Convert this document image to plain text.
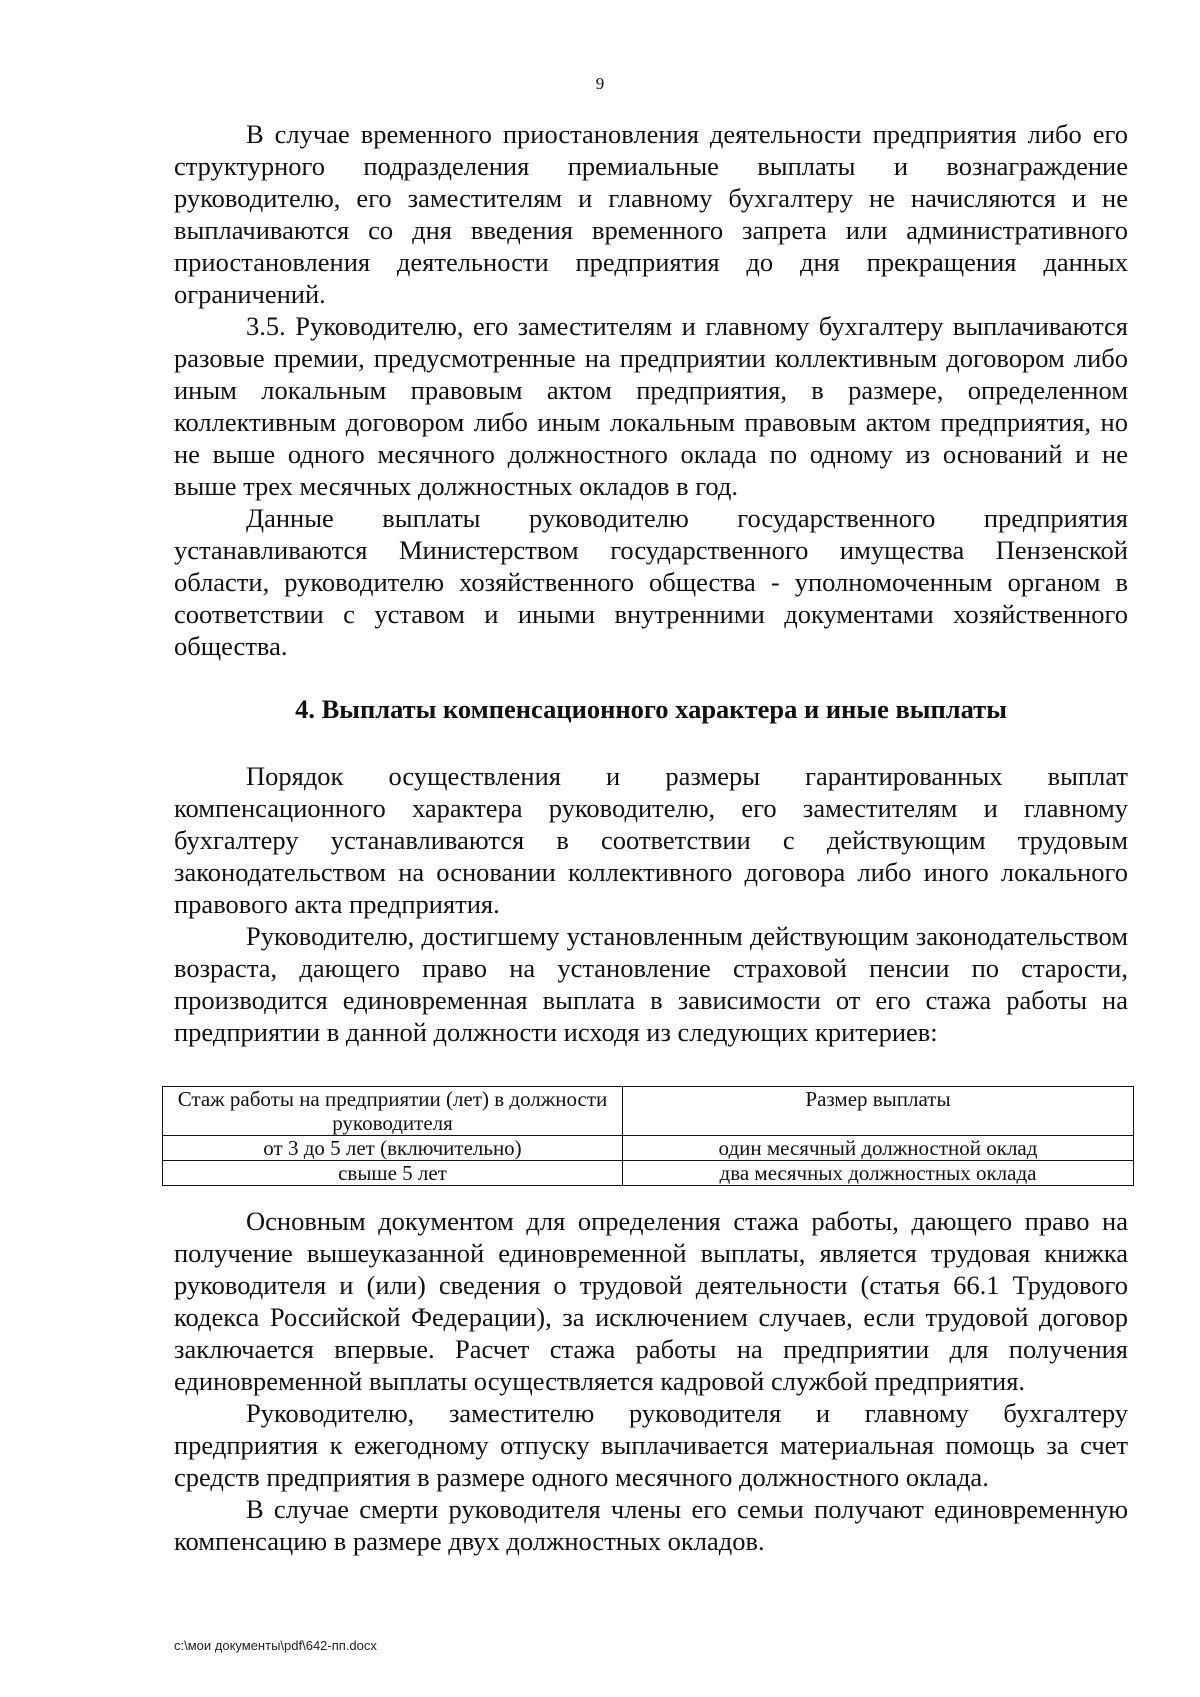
9

В случае временного приостановления деятельности предприятия либо его структурного подразделения премиальные выплаты и вознаграждение руководителю, его заместителям и главному бухгалтеру не начисляются и не выплачиваются со дня введения временного запрета или административного приостановления деятельности предприятия до дня прекращения данных ограничений.

3.5. Руководителю, его заместителям и главному бухгалтеру выплачиваются разовые премии, предусмотренные на предприятии коллективным договором либо иным локальным правовым актом предприятия, в размере, определенном коллективным договором либо иным локальным правовым актом предприятия, но не выше одного месячного должностного оклада по одному из оснований и не выше трех месячных должностных окладов в год.

Данные выплаты руководителю государственного предприятия устанавливаются Министерством государственного имущества Пензенской области, руководителю хозяйственного общества - уполномоченным органом в соответствии с уставом и иными внутренними документами хозяйственного общества.

4. Выплаты компенсационного характера и иные выплаты

Порядок осуществления и размеры гарантированных выплат компенсационного характера руководителю, его заместителям и главному бухгалтеру устанавливаются в соответствии с действующим трудовым законодательством на основании коллективного договора либо иного локального правового акта предприятия.

Руководителю, достигшему установленным действующим законодательством возраста, дающего право на установление страховой пенсии по старости, производится единовременная выплата в зависимости от его стажа работы на предприятии в данной должности исходя из следующих критериев:

Стаж работы на предприятии (лет) в должности руководителя	Размер выплаты
от 3 до 5 лет (включительно)	один месячный должностной оклад
свыше 5 лет	два месячных должностных оклада

Основным документом для определения стажа работы, дающего право на получение вышеуказанной единовременной выплаты, является трудовая книжка руководителя и (или) сведения о трудовой деятельности (статья 66.1 Трудового кодекса Российской Федерации), за исключением случаев, если трудовой договор заключается впервые. Расчет стажа работы на предприятии для получения единовременной выплаты осуществляется кадровой службой предприятия.

Руководителю, заместителю руководителя и главному бухгалтеру предприятия к ежегодному отпуску выплачивается материальная помощь за счет средств предприятия в размере одного месячного должностного оклада.

В случае смерти руководителя члены его семьи получают единовременную компенсацию в размере двух должностных окладов.

c:\мои документы\pdf\642-пп.docx
